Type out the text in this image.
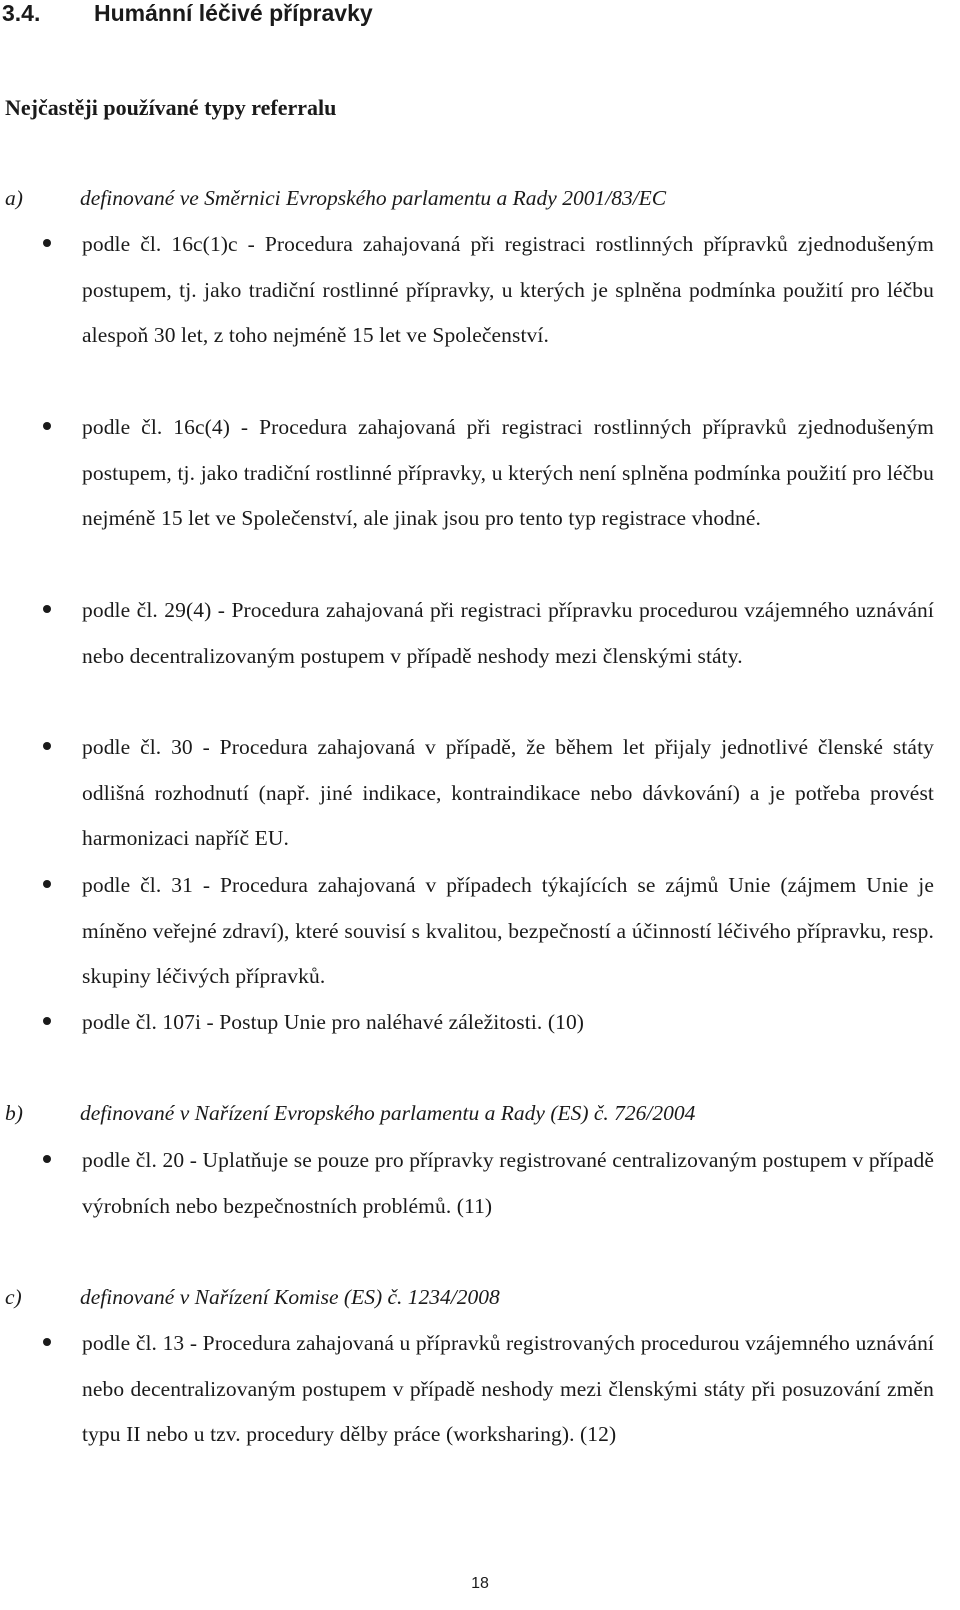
3.4. Humánní léčivé přípravky
Nejčastěji používané typy referralu
a)	definované ve Směrnici Evropského parlamentu a Rady 2001/83/EC
podle čl. 16c(1)c - Procedura zahajovaná při registraci rostlinných přípravků zjednodušeným postupem, tj. jako tradiční rostlinné přípravky, u kterých je splněna podmínka použití pro léčbu alespoň 30 let, z toho nejméně 15 let ve Společenství.
podle čl. 16c(4) - Procedura zahajovaná při registraci rostlinných přípravků zjednodušeným postupem, tj. jako tradiční rostlinné přípravky, u kterých není splněna podmínka použití pro léčbu nejméně 15 let ve Společenství, ale jinak jsou pro tento typ registrace vhodné.
podle čl. 29(4) - Procedura zahajovaná při registraci přípravku procedurou vzájemného uznávání nebo decentralizovaným postupem v případě neshody mezi členskými státy.
podle čl. 30 - Procedura zahajovaná v případě, že během let přijaly jednotlivé členské státy odlišná rozhodnutí (např. jiné indikace, kontraindikace nebo dávkování) a je potřeba provést harmonizaci napříč EU.
podle čl. 31 - Procedura zahajovaná v případech týkajících se zájmů Unie (zájmem Unie je míněno veřejné zdraví), které souvisí s kvalitou, bezpečností a účinností léčivého přípravku, resp. skupiny léčivých přípravků.
podle čl. 107i - Postup Unie pro naléhavé záležitosti. (10)
b)	definované v Nařízení Evropského parlamentu a Rady (ES) č. 726/2004
podle čl. 20 - Uplatňuje se pouze pro přípravky registrované centralizovaným postupem v případě výrobních nebo bezpečnostních problémů. (11)
c)	definované v Nařízení Komise (ES) č. 1234/2008
podle čl. 13 - Procedura zahajovaná u přípravků registrovaných procedurou vzájemného uznávání nebo decentralizovaným postupem v případě neshody mezi členskými státy při posuzování změn typu II nebo u tzv. procedury dělby práce (worksharing). (12)
18
